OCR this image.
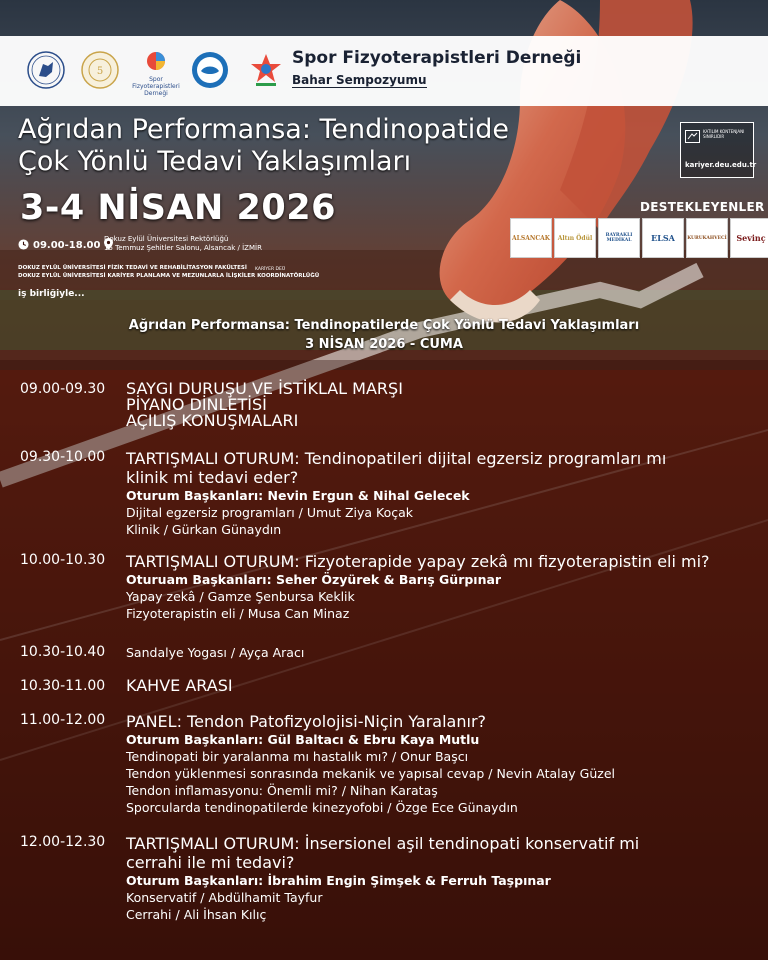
5
Spor Fizyoterapistleri Derneği
Spor Fizyoterapistleri Derneği
Bahar Sempozyumu
Ağrıdan Performansa: Tendinopatide
Çok Yönlü Tedavi Yaklaşımları
3-4 NİSAN 2026
09.00-18.00
Dokuz Eylül Üniversitesi Rektörlüğü
15 Temmuz Şehitler Salonu, Alsancak / İZMİR
DOKUZ EYLÜL ÜNİVERSİTESİ FİZİK TEDAVİ VE REHABİLİTASYON FAKÜLTESİ
DOKUZ EYLÜL ÜNİVERSİTESİ KARİYER PLANLAMA VE MEZUNLARLA İLİŞKİLER KOORDİNATÖRLÜĞÜ
KARİYER DEÜ
iş birliğiyle...
KATILIM KONTENJANI SINIRLIDIR
kariyer.deu.edu.tr
DESTEKLEYENLER
ALSANCAK	Altın Ödül	BAYRAKLI MEDİKAL	ELSA	KURUKAHVECİ	Sevinç
Ağrıdan Performansa: Tendinopatilerde Çok Yönlü Tedavi Yaklaşımları
3 NİSAN 2026 - CUMA
09.00-09.30	SAYGI DURUŞU VE İSTİKLAL MARŞI
PİYANO DİNLETİSİ
AÇILIŞ KONUŞMALARI
09.30-10.00	TARTIŞMALI OTURUM: Tendinopatileri dijital egzersiz programları mı
klinik mi tedavi eder?
Oturum Başkanları: Nevin Ergun & Nihal Gelecek
Dijital egzersiz programları / Umut Ziya Koçak
Klinik / Gürkan Günaydın
10.00-10.30	TARTIŞMALI OTURUM: Fizyoterapide yapay zekâ mı fizyoterapistin eli mi?
Oturuam Başkanları: Seher Özyürek & Barış Gürpınar
Yapay zekâ / Gamze Şenbursa Keklik
Fizyoterapistin eli / Musa Can Minaz
10.30-10.40	Sandalye Yogası / Ayça Aracı
10.30-11.00	KAHVE ARASI
11.00-12.00	PANEL: Tendon Patofizyolojisi-Niçin Yaralanır?
Oturum Başkanları: Gül Baltacı & Ebru Kaya Mutlu
Tendinopati bir yaralanma mı hastalık mı? / Onur Başcı
Tendon yüklenmesi sonrasında mekanik ve yapısal cevap / Nevin Atalay Güzel
Tendon inflamasyonu: Önemli mi? / Nihan Karataş
Sporcularda tendinopatilerde kinezyofobi / Özge Ece Günaydın
12.00-12.30	TARTIŞMALI OTURUM: İnsersionel aşil tendinopati konservatif mi
cerrahi ile mi tedavi?
Oturum Başkanları: İbrahim Engin Şimşek & Ferruh Taşpınar
Konservatif / Abdülhamit Tayfur
Cerrahi / Ali İhsan Kılıç
